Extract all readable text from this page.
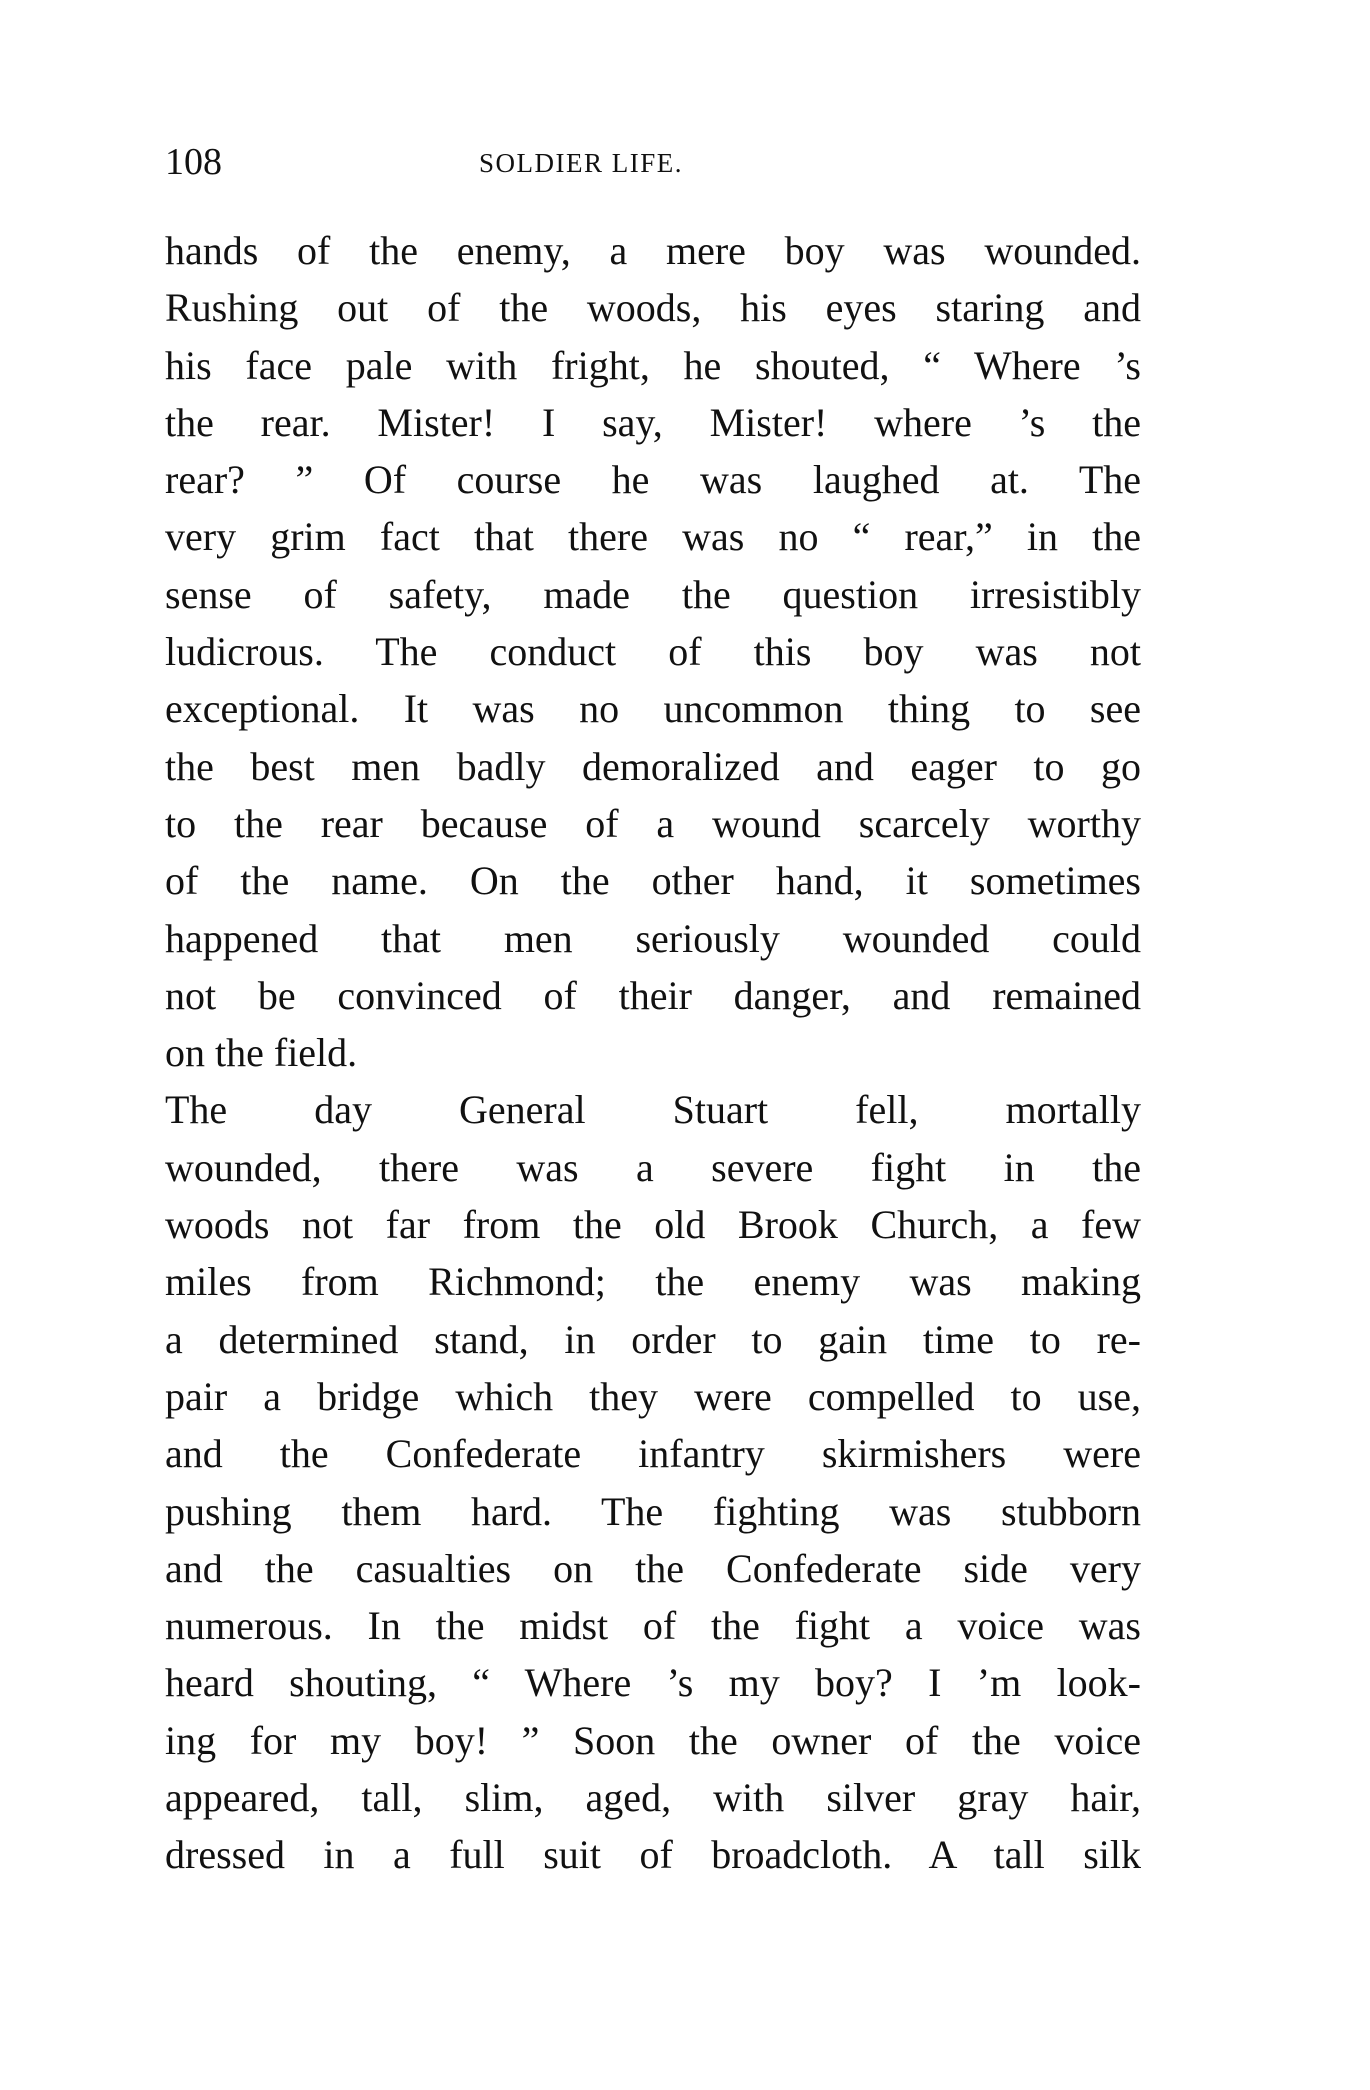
108	SOLDIER LIFE.
hands of the enemy, a mere boy was wounded.
Rushing out of the woods, his eyes staring and
his face pale with fright, he shouted, “ Where ’s
the rear. Mister! I say, Mister! where ’s the
rear? ” Of course he was laughed at. The
very grim fact that there was no “ rear,” in the
sense of safety, made the question irresistibly
ludicrous. The conduct of this boy was not
exceptional. It was no uncommon thing to see
the best men badly demoralized and eager to go
to the rear because of a wound scarcely worthy
of the name. On the other hand, it sometimes
happened that men seriously wounded could
not be convinced of their danger, and remained
on the field.
The day General Stuart fell, mortally
wounded, there was a severe fight in the
woods not far from the old Brook Church, a few
miles from Richmond; the enemy was making
a determined stand, in order to gain time to re-
pair a bridge which they were compelled to use,
and the Confederate infantry skirmishers were
pushing them hard. The fighting was stubborn
and the casualties on the Confederate side very
numerous. In the midst of the fight a voice was
heard shouting, “ Where ’s my boy? I ’m look-
ing for my boy! ” Soon the owner of the voice
appeared, tall, slim, aged, with silver gray hair,
dressed in a full suit of broadcloth. A tall silk
